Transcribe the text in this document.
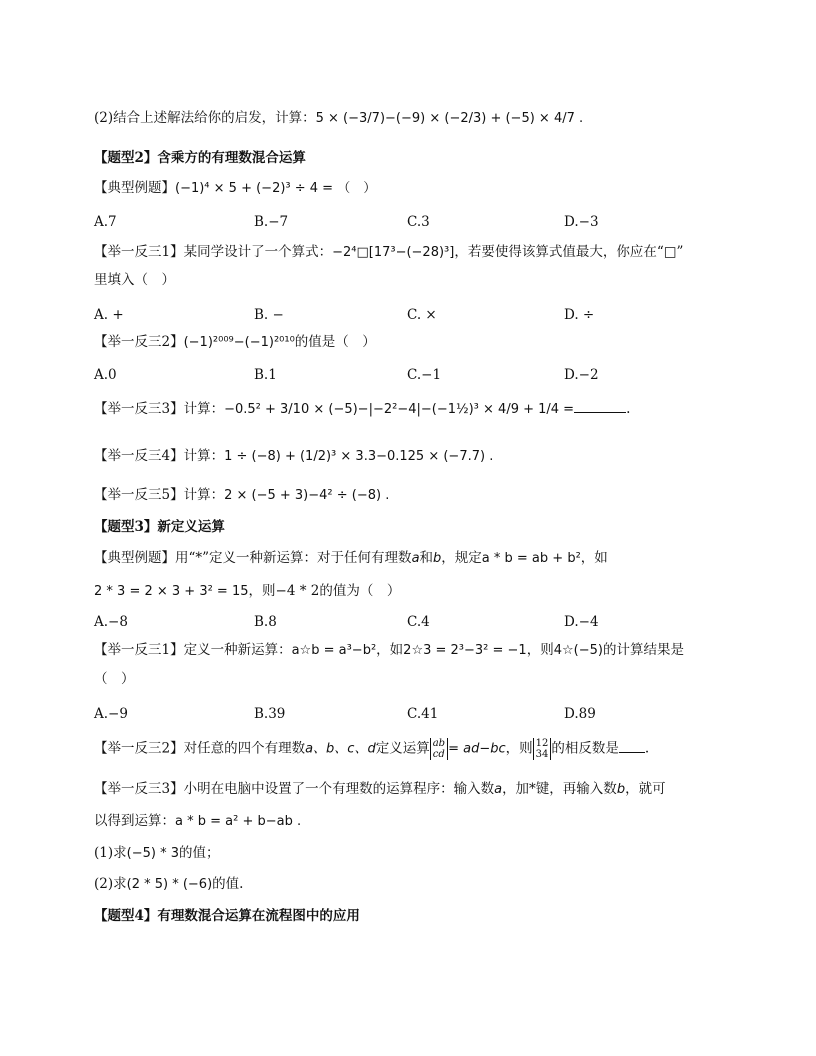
(2)结合上述解法给你的启发，计算：5 × (−3/7)−(−9) × (−2/3) + (−5) × 4/7 .
【题型2】含乘方的有理数混合运算
【典型例题】(−1)⁴ × 5 + (−2)³ ÷ 4 = （　）
A.7	B.−7	C.3	D.−3
【举一反三1】某同学设计了一个算式：−2⁴□[17³−(−28)³]，若要使得该算式值最大，你应在“□”
里填入（　）
A. +	B. −	C. ×	D. ÷
【举一反三2】(−1)²⁰⁰⁹−(−1)²⁰¹⁰的值是（　）
A.0	B.1	C.−1	D.−2
【举一反三3】计算：−0.5² + 3/10 × (−5)−|−2²−4|−(−1½)³ × 4/9 + 1/4 =	.
【举一反三4】计算：1 ÷ (−8) + (1/2)³ × 3.3−0.125 × (−7.7) .
【举一反三5】计算：2 × (−5 + 3)−4² ÷ (−8) .
【题型3】新定义运算
【典型例题】用“*”定义一种新运算：对于任何有理数a和b，规定a * b = ab + b²，如
2 * 3 = 2 × 3 + 3² = 15，则−4 * 2的值为（　）
A.−8	B.8	C.4	D.−4
【举一反三1】定义一种新运算：a☆b = a³−b²，如2☆3 = 2³−3² = −1，则4☆(−5)的计算结果是
（　）
A.−9	B.39	C.41	D.89
【举一反三2】对任意的四个有理数a、b、c、d定义运算 ab
cd = ad−bc，则 12
34 的相反数是 .
【举一反三3】小明在电脑中设置了一个有理数的运算程序：输入数a，加*键，再输入数b，就可
以得到运算：a * b = a² + b−ab .
(1)求(−5) * 3的值；
(2)求(2 * 5) * (−6)的值.
【题型4】有理数混合运算在流程图中的应用
